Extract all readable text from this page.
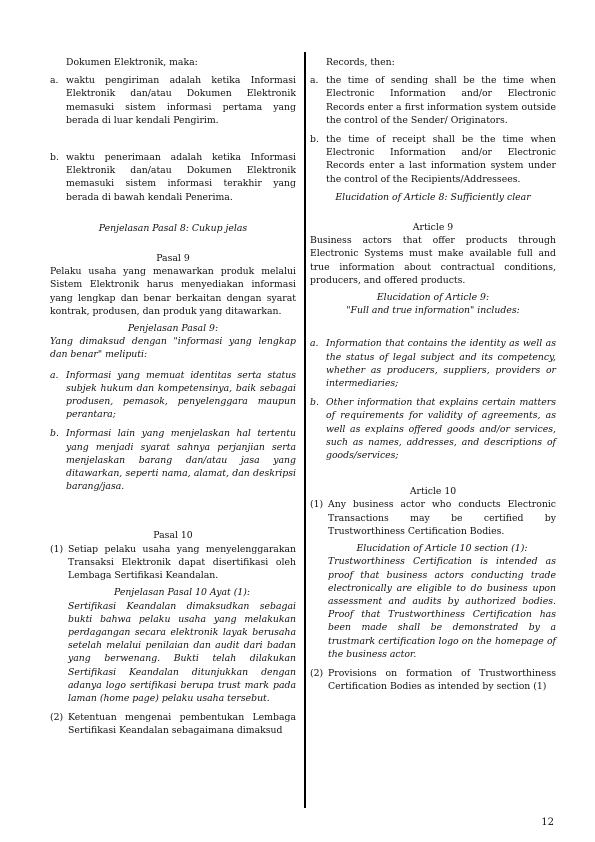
Dokumen Elektronik, maka:

a. waktu pengiriman adalah ketika Informasi Elektronik dan/atau Dokumen Elektronik memasuki sistem informasi pertama yang berada di luar kendali Pengirim.
b. waktu penerimaan adalah ketika Informasi Elektronik dan/atau Dokumen Elektronik memasuki sistem informasi terakhir yang berada di bawah kendali Penerima.

Penjelasan Pasal 8: Cukup jelas

Pasal 9

Pelaku usaha yang menawarkan produk melalui Sistem Elektronik harus menyediakan informasi yang lengkap dan benar berkaitan dengan syarat kontrak, produsen, dan produk yang ditawarkan.

Penjelasan Pasal 9:

Yang dimaksud dengan "informasi yang lengkap dan benar" meliputi:

a. Informasi yang memuat identitas serta status subjek hukum dan kompetensinya, baik sebagai produsen, pemasok, penyelenggara maupun perantara;
b. Informasi lain yang menjelaskan hal tertentu yang menjadi syarat sahnya perjanjian serta menjelaskan barang dan/atau jasa yang ditawarkan, seperti nama, alamat, dan deskripsi barang/jasa.

Pasal 10

(1) Setiap pelaku usaha yang menyelenggarakan Transaksi Elektronik dapat disertifikasi oleh Lembaga Sertifikasi Keandalan.

Penjelasan Pasal 10 Ayat (1):

Sertifikasi Keandalan dimaksudkan sebagai bukti bahwa pelaku usaha yang melakukan perdagangan secara elektronik layak berusaha setelah melalui penilaian dan audit dari badan yang berwenang. Bukti telah dilakukan Sertifikasi Keandalan ditunjukkan dengan adanya logo sertifikasi berupa trust mark pada laman (home page) pelaku usaha tersebut.

(2) Ketentuan mengenai pembentukan Lembaga Sertifikasi Keandalan sebagaimana dimaksud

Records, then:

a. the time of sending shall be the time when Electronic Information and/or Electronic Records enter a first information system outside the control of the Sender/ Originators.
b. the time of receipt shall be the time when Electronic Information and/or Electronic Records enter a last information system under the control of the Recipients/Addressees.

Elucidation of Article 8: Sufficiently clear

Article 9

Business actors that offer products through Electronic Systems must make available full and true information about contractual conditions, producers, and offered products.

Elucidation of Article 9:

"Full and true information" includes:

a. Information that contains the identity as well as the status of legal subject and its competency, whether as producers, suppliers, providers or intermediaries;
b. Other information that explains certain matters of requirements for validity of agreements, as well as explains offered goods and/or services, such as names, addresses, and descriptions of goods/services;

Article 10

(1) Any business actor who conducts Electronic Transactions may be certified by Trustworthiness Certification Bodies.

Elucidation of Article 10 section (1):

Trustworthiness Certification is intended as proof that business actors conducting trade electronically are eligible to do business upon assessment and audits by authorized bodies. Proof that Trustworthiness Certification has been made shall be demonstrated by a trustmark certification logo on the homepage of the business actor.

(2) Provisions on formation of Trustworthiness Certification Bodies as intended by section (1)
12
